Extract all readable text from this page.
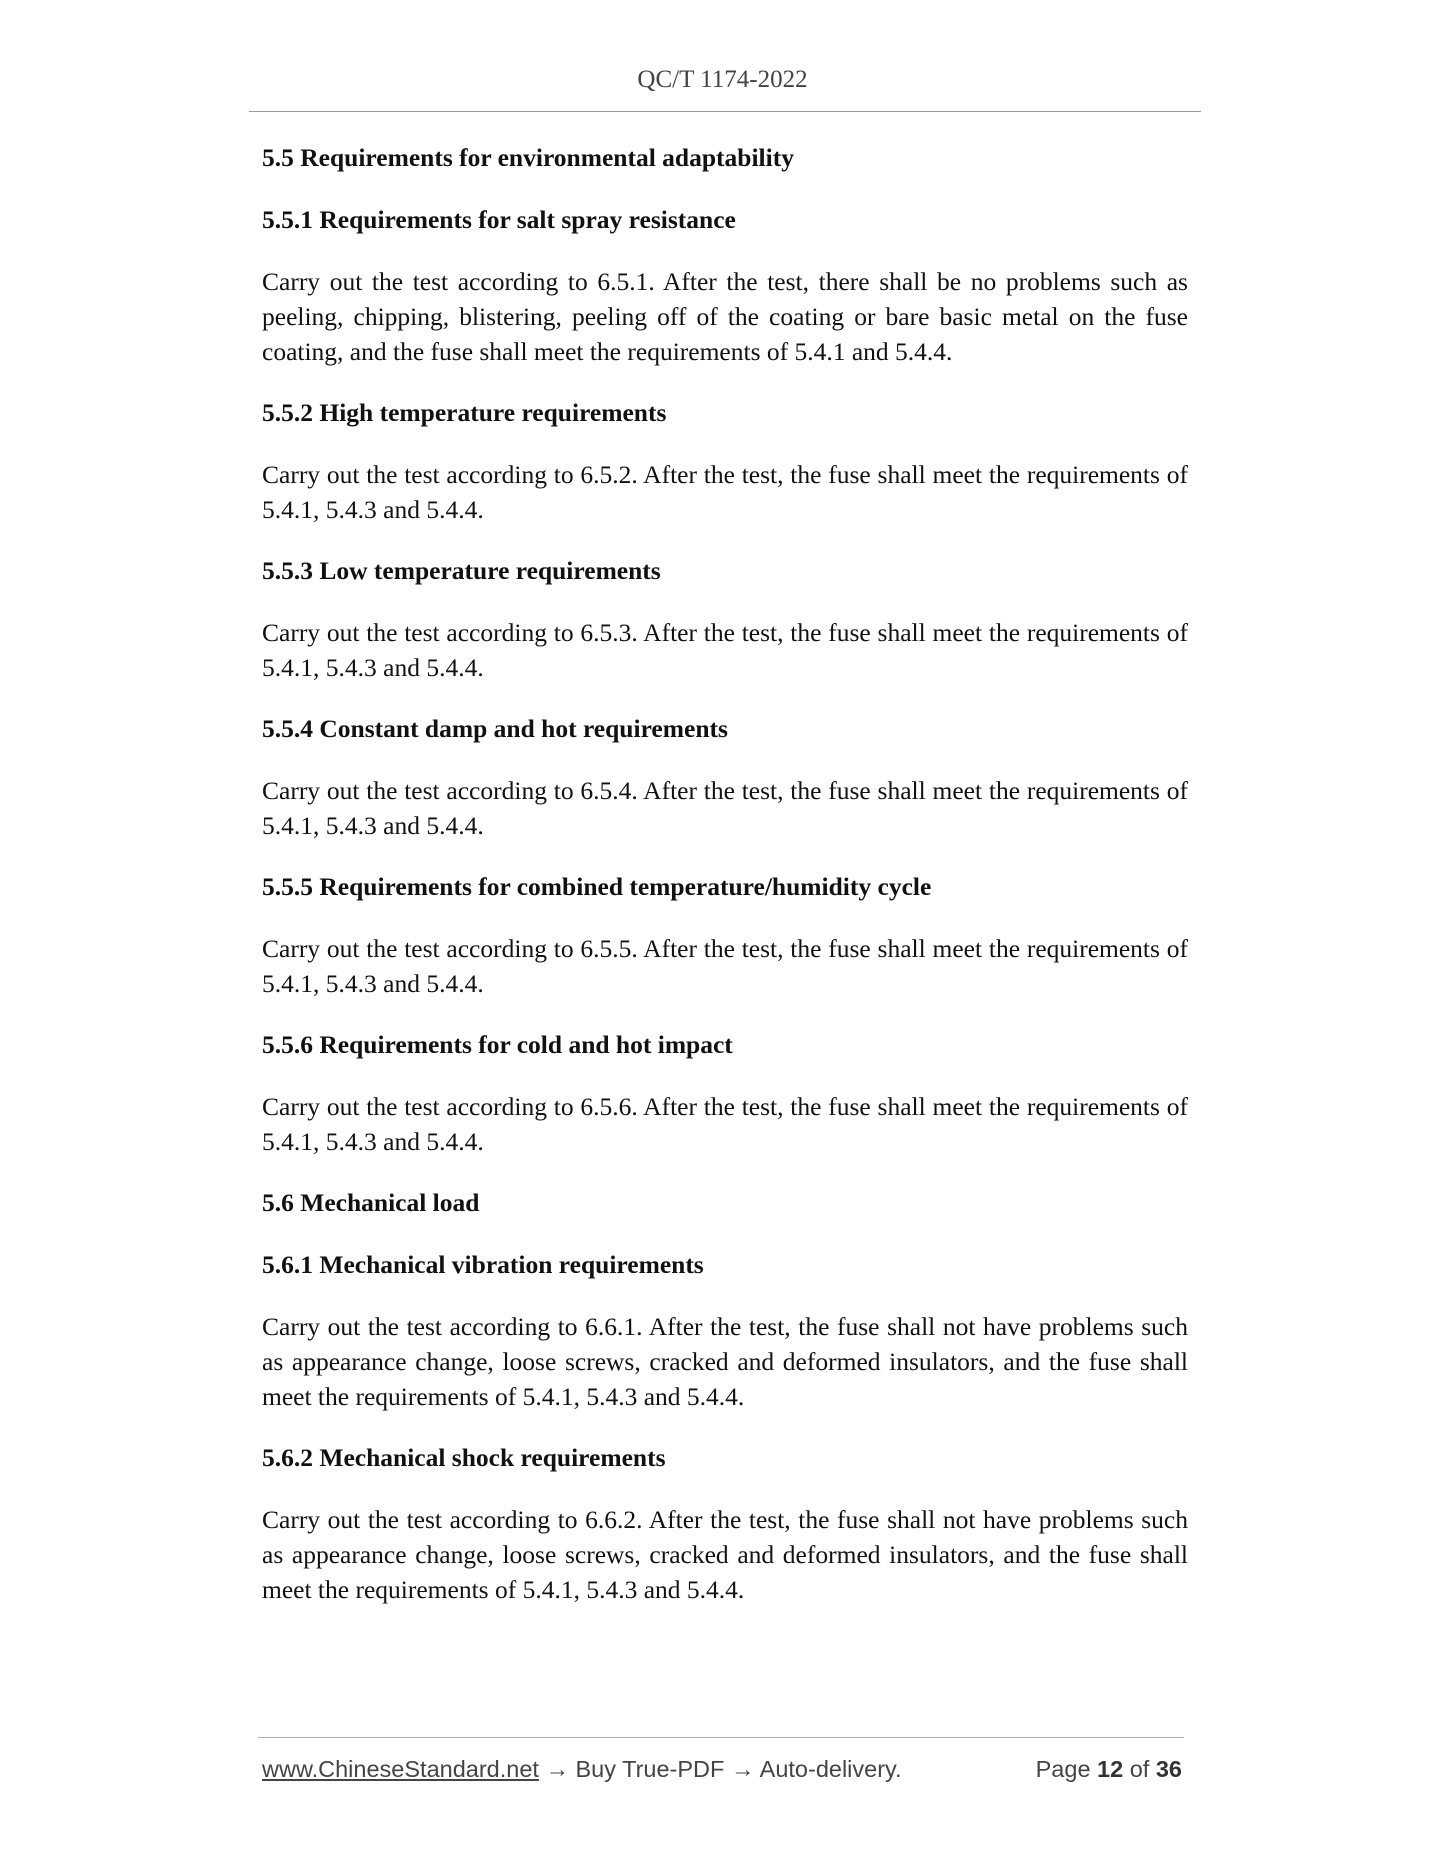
QC/T 1174-2022
5.5 Requirements for environmental adaptability
5.5.1 Requirements for salt spray resistance
Carry out the test according to 6.5.1. After the test, there shall be no problems such as peeling, chipping, blistering, peeling off of the coating or bare basic metal on the fuse coating, and the fuse shall meet the requirements of 5.4.1 and 5.4.4.
5.5.2 High temperature requirements
Carry out the test according to 6.5.2. After the test, the fuse shall meet the requirements of 5.4.1, 5.4.3 and 5.4.4.
5.5.3 Low temperature requirements
Carry out the test according to 6.5.3. After the test, the fuse shall meet the requirements of 5.4.1, 5.4.3 and 5.4.4.
5.5.4 Constant damp and hot requirements
Carry out the test according to 6.5.4. After the test, the fuse shall meet the requirements of 5.4.1, 5.4.3 and 5.4.4.
5.5.5 Requirements for combined temperature/humidity cycle
Carry out the test according to 6.5.5. After the test, the fuse shall meet the requirements of 5.4.1, 5.4.3 and 5.4.4.
5.5.6 Requirements for cold and hot impact
Carry out the test according to 6.5.6. After the test, the fuse shall meet the requirements of 5.4.1, 5.4.3 and 5.4.4.
5.6 Mechanical load
5.6.1 Mechanical vibration requirements
Carry out the test according to 6.6.1. After the test, the fuse shall not have problems such as appearance change, loose screws, cracked and deformed insulators, and the fuse shall meet the requirements of 5.4.1, 5.4.3 and 5.4.4.
5.6.2 Mechanical shock requirements
Carry out the test according to 6.6.2. After the test, the fuse shall not have problems such as appearance change, loose screws, cracked and deformed insulators, and the fuse shall meet the requirements of 5.4.1, 5.4.3 and 5.4.4.
www.ChineseStandard.net → Buy True-PDF → Auto-delivery.	Page 12 of 36
